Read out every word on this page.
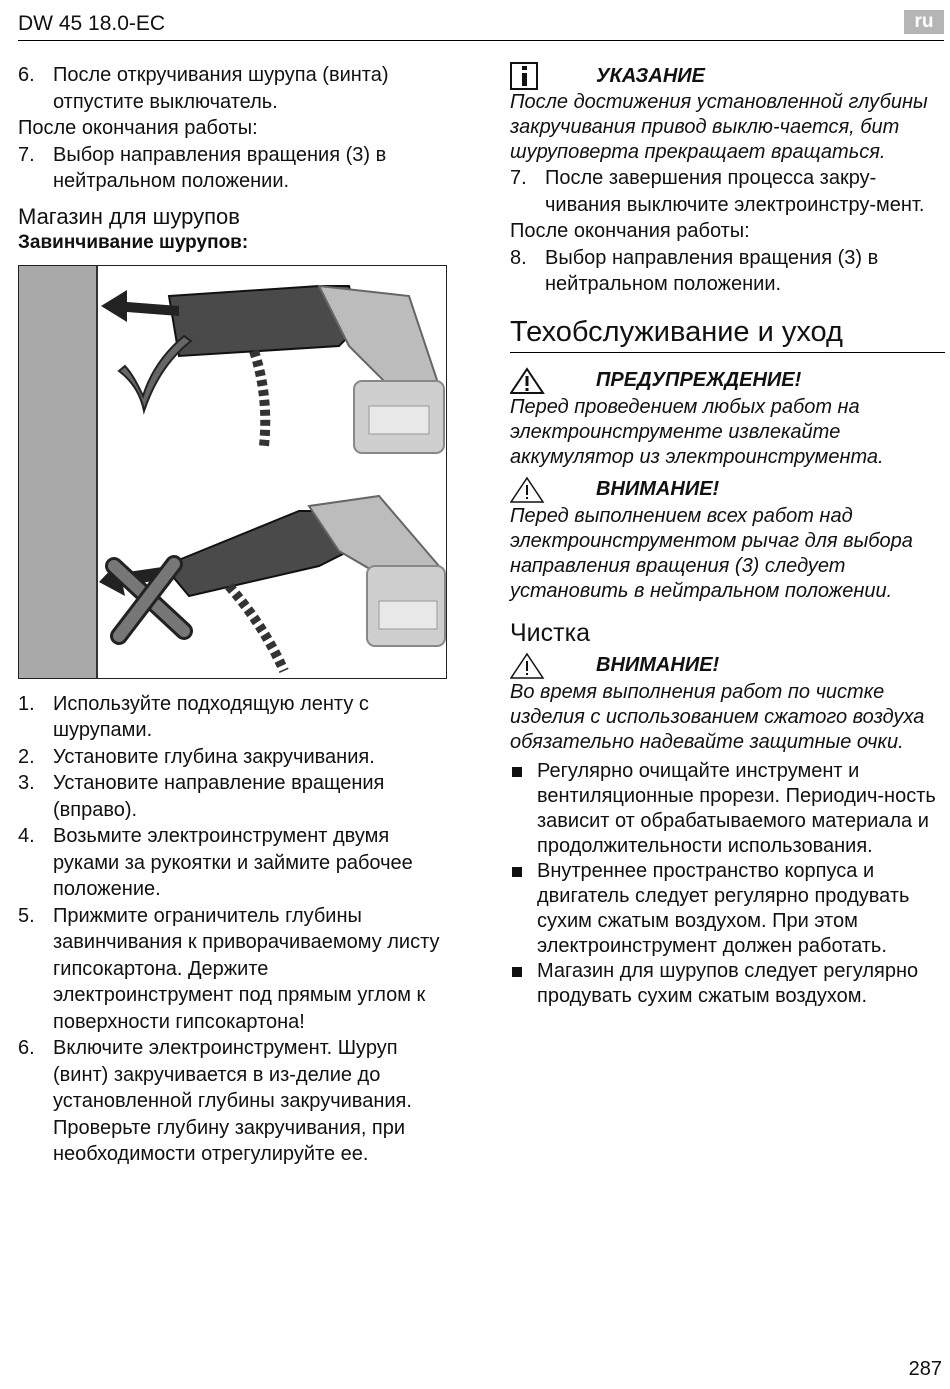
DW 45 18.0-EC	ru
6. После откручивания шурупа (винта) отпустите выключатель.
После окончания работы:
7. Выбор направления вращения (3) в нейтральном положении.
Магазин для шурупов
Завинчивание шурупов:
1. Используйте подходящую ленту с шурупами.
2. Установите глубина закручивания.
3. Установите направление вращения (вправо).
4. Возьмите электроинструмент двумя руками за рукоятки и займите рабочее положение.
5. Прижмите ограничитель глубины завинчивания к приворачиваемому листу гипсокартона. Держите электроинструмент под прямым углом к поверхности гипсокартона!
6. Включите электроинструмент. Шуруп (винт) закручивается в из-делие до установленной глубины закручивания.
Проверьте глубину закручивания, при необходимости отрегулируйте ее.
УКАЗАНИЕ
После достижения установленной глубины закручивания привод выклю-чается, бит шуруповерта прекращает вращаться.
7. После завершения процесса закру-чивания выключите электроинстру-мент.
После окончания работы:
8. Выбор направления вращения (3) в нейтральном положении.
Техобслуживание и уход
ПРЕДУПРЕЖДЕНИЕ!
Перед проведением любых работ на электроинструменте извлекайте аккумулятор из электроинструмента.
ВНИМАНИЕ!
Перед выполнением всех работ над электроинструментом рычаг для выбора направления вращения (3) следует установить в нейтральном положении.
Чистка
ВНИМАНИЕ!
Во время выполнения работ по чистке изделия с использованием сжатого воздуха обязательно надевайте защитные очки.
Регулярно очищайте инструмент и вентиляционные прорези. Периодич-ность зависит от обрабатываемого материала и продолжительности использования.
Внутреннее пространство корпуса и двигатель следует регулярно продувать сухим сжатым воздухом. При этом электроинструмент должен работать.
Магазин для шурупов следует регулярно продувать сухим сжатым воздухом.
287
